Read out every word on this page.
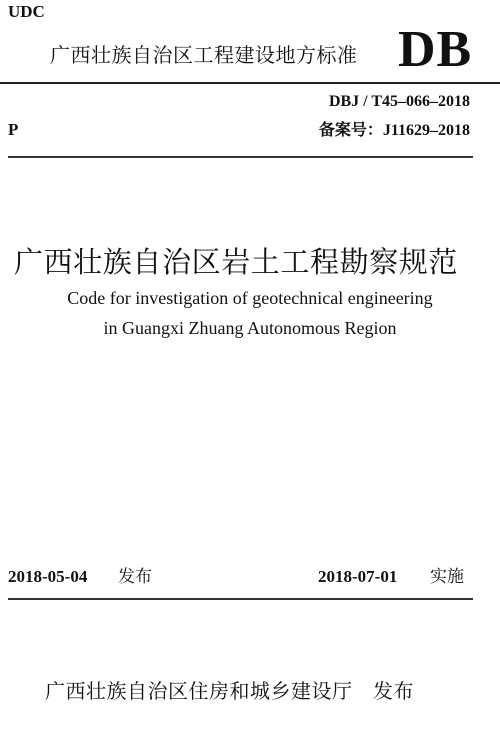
UDC
广西壮族自治区工程建设地方标准 DB
DBJ / T45–066–2018
P	备案号：J11629–2018
广西壮族自治区岩土工程勘察规范
Code for investigation of geotechnical engineering
in Guangxi Zhuang Autonomous Region
2018-05-04 发布	2018-07-01 实施
广西壮族自治区住房和城乡建设厅　发布
